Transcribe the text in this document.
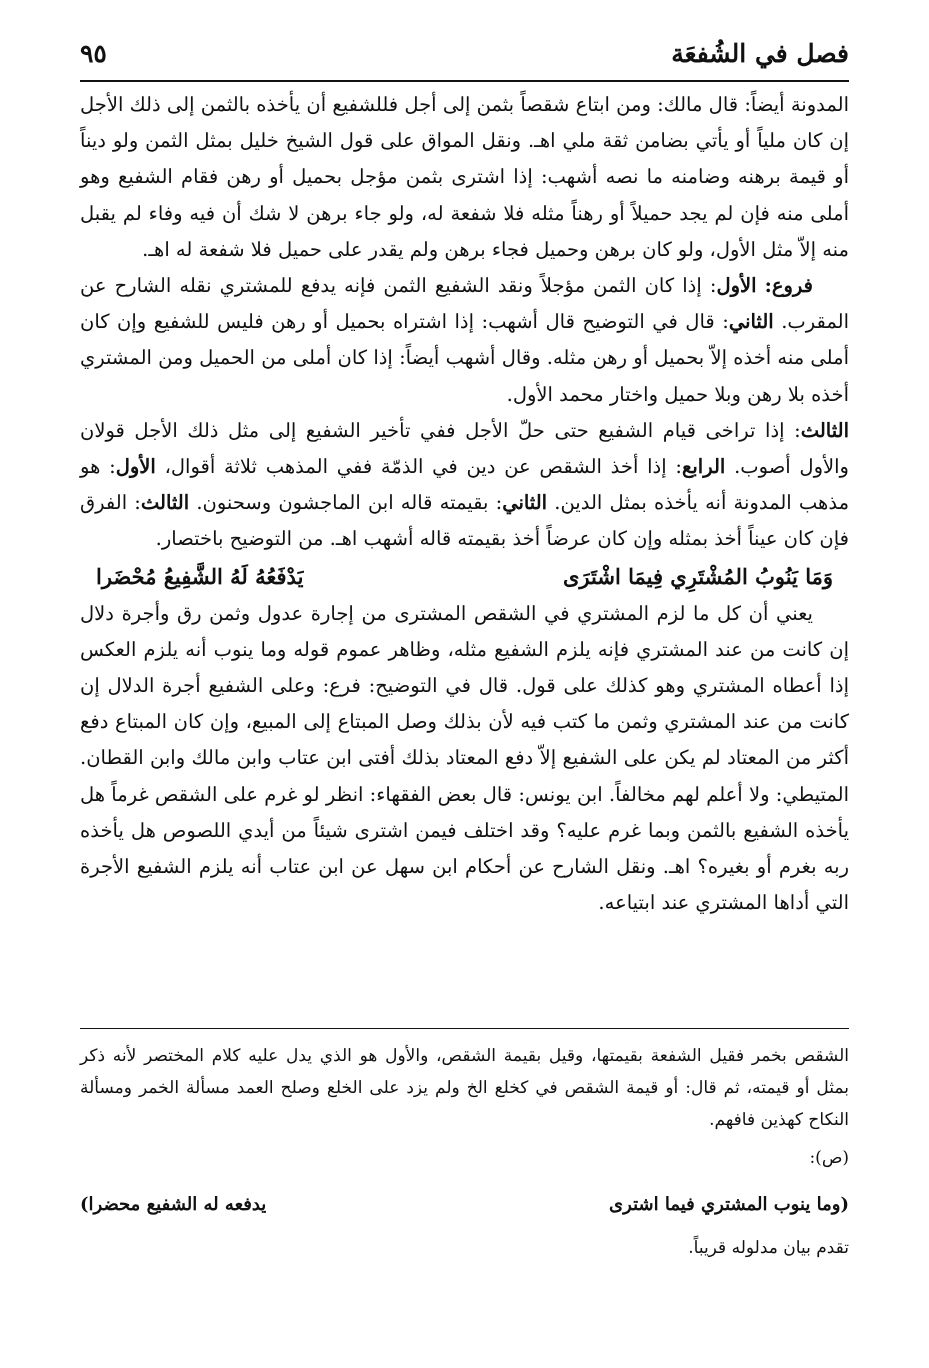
فصل في الشُفعَة
٩٥

المدونة أيضاً: قال مالك: ومن ابتاع شقصاً بثمن إلى أجل فللشفيع أن يأخذه بالثمن إلى ذلك الأجل إن كان ملياً أو يأتي بضامن ثقة ملي اهـ. ونقل المواق على قول الشيخ خليل بمثل الثمن ولو ديناً أو قيمة برهنه وضامنه ما نصه أشهب: إذا اشترى بثمن مؤجل بحميل أو رهن فقام الشفيع وهو أملى منه فإن لم يجد حميلاً أو رهناً مثله فلا شفعة له، ولو جاء برهن لا شك أن فيه وفاء لم يقبل منه إلاّ مثل الأول، ولو كان برهن وحميل فجاء برهن ولم يقدر على حميل فلا شفعة له اهـ.

فروع: الأول: إذا كان الثمن مؤجلاً ونقد الشفيع الثمن فإنه يدفع للمشتري نقله الشارح عن المقرب. الثاني: قال في التوضيح قال أشهب: إذا اشتراه بحميل أو رهن فليس للشفيع وإن كان أملى منه أخذه إلاّ بحميل أو رهن مثله. وقال أشهب أيضاً: إذا كان أملى من الحميل ومن المشتري أخذه بلا رهن وبلا حميل واختار محمد الأول.

الثالث: إذا تراخى قيام الشفيع حتى حلّ الأجل ففي تأخير الشفيع إلى مثل ذلك الأجل قولان والأول أصوب. الرابع: إذا أخذ الشقص عن دين في الذمّة ففي المذهب ثلاثة أقوال، الأول: هو مذهب المدونة أنه يأخذه بمثل الدين. الثاني: بقيمته قاله ابن الماجشون وسحنون. الثالث: الفرق فإن كان عيناً أخذ بمثله وإن كان عرضاً أخذ بقيمته قاله أشهب اهـ. من التوضيح باختصار.

وَمَا يَنُوبُ المُشْتَرِي فِيمَا اشْتَرَى
يَدْفَعُهُ لَهُ الشَّفِيعُ مُحْضَرا

يعني أن كل ما لزم المشتري في الشقص المشترى من إجارة عدول وثمن رق وأجرة دلال إن كانت من عند المشتري فإنه يلزم الشفيع مثله، وظاهر عموم قوله وما ينوب أنه يلزم العكس إذا أعطاه المشتري وهو كذلك على قول. قال في التوضيح: فرع: وعلى الشفيع أجرة الدلال إن كانت من عند المشتري وثمن ما كتب فيه لأن بذلك وصل المبتاع إلى المبيع، وإن كان المبتاع دفع أكثر من المعتاد لم يكن على الشفيع إلاّ دفع المعتاد بذلك أفتى ابن عتاب وابن مالك وابن القطان. المتيطي: ولا أعلم لهم مخالفاً. ابن يونس: قال بعض الفقهاء: انظر لو غرم على الشقص غرماً هل يأخذه الشفيع بالثمن وبما غرم عليه؟ وقد اختلف فيمن اشترى شيئاً من أيدي اللصوص هل يأخذه ربه بغرم أو بغيره؟ اهـ. ونقل الشارح عن أحكام ابن سهل عن ابن عتاب أنه يلزم الشفيع الأجرة التي أداها المشتري عند ابتياعه.

الشقص بخمر فقيل الشفعة بقيمتها، وقيل بقيمة الشقص، والأول هو الذي يدل عليه كلام المختصر لأنه ذكر بمثل أو قيمته، ثم قال: أو قيمة الشقص في كخلع الخ ولم يزد على الخلع وصلح العمد مسألة الخمر ومسألة النكاح كهذين فافهم.

(ص):

(وما ينوب المشتري فيما اشترى
يدفعه له الشفيع محضرا)

تقدم بيان مدلوله قريباً.
